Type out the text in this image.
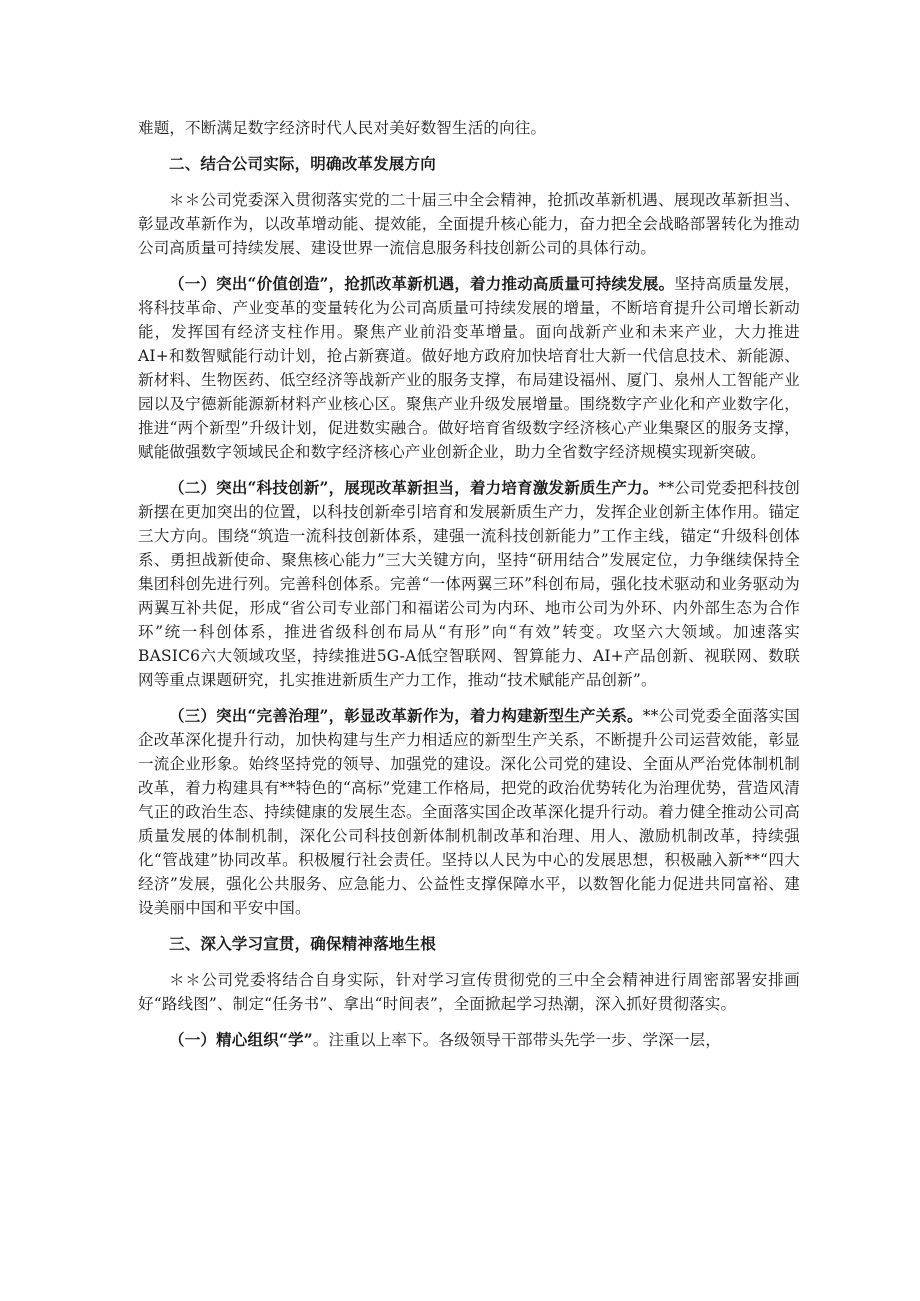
难题，不断满足数字经济时代人民对美好数智生活的向往。

二、结合公司实际，明确改革发展方向

＊＊公司党委深入贯彻落实党的二十届三中全会精神，抢抓改革新机遇、展现改革新担当、彰显改革新作为，以改革增动能、提效能，全面提升核心能力，奋力把全会战略部署转化为推动公司高质量可持续发展、建设世界一流信息服务科技创新公司的具体行动。

（一）突出“价值创造”，抢抓改革新机遇，着力推动高质量可持续发展。坚持高质量发展，将科技革命、产业变革的变量转化为公司高质量可持续发展的增量，不断培育提升公司增长新动能，发挥国有经济支柱作用。聚焦产业前沿变革增量。面向战新产业和未来产业，大力推进AI+和数智赋能行动计划，抢占新赛道。做好地方政府加快培育壮大新一代信息技术、新能源、新材料、生物医药、低空经济等战新产业的服务支撑，布局建设福州、厦门、泉州人工智能产业园以及宁德新能源新材料产业核心区。聚焦产业升级发展增量。围绕数字产业化和产业数字化，推进“两个新型”升级计划，促进数实融合。做好培育省级数字经济核心产业集聚区的服务支撑，赋能做强数字领域民企和数字经济核心产业创新企业，助力全省数字经济规模实现新突破。

（二）突出“科技创新”，展现改革新担当，着力培育激发新质生产力。**公司党委把科技创新摆在更加突出的位置，以科技创新牵引培育和发展新质生产力，发挥企业创新主体作用。锚定三大方向。围绕“筑造一流科技创新体系，建强一流科技创新能力”工作主线，锚定“升级科创体系、勇担战新使命、聚焦核心能力”三大关键方向，坚持“研用结合”发展定位，力争继续保持全集团科创先进行列。完善科创体系。完善“一体两翼三环”科创布局，强化技术驱动和业务驱动为两翼互补共促，形成“省公司专业部门和福诺公司为内环、地市公司为外环、内外部生态为合作环”统一科创体系，推进省级科创布局从“有形”向“有效”转变。攻坚六大领域。加速落实BASIC6六大领域攻坚，持续推进5G-A低空智联网、智算能力、AI+产品创新、视联网、数联网等重点课题研究，扎实推进新质生产力工作，推动“技术赋能产品创新”。

（三）突出“完善治理”，彰显改革新作为，着力构建新型生产关系。**公司党委全面落实国企改革深化提升行动，加快构建与生产力相适应的新型生产关系，不断提升公司运营效能，彰显一流企业形象。始终坚持党的领导、加强党的建设。深化公司党的建设、全面从严治党体制机制改革，着力构建具有**特色的“高标”党建工作格局，把党的政治优势转化为治理优势，营造风清气正的政治生态、持续健康的发展生态。全面落实国企改革深化提升行动。着力健全推动公司高质量发展的体制机制，深化公司科技创新体制机制改革和治理、用人、激励机制改革，持续强化“管战建”协同改革。积极履行社会责任。坚持以人民为中心的发展思想，积极融入新**“四大经济”发展，强化公共服务、应急能力、公益性支撑保障水平，以数智化能力促进共同富裕、建设美丽中国和平安中国。

三、深入学习宣贯，确保精神落地生根

＊＊公司党委将结合自身实际，针对学习宣传贯彻党的三中全会精神进行周密部署安排画好“路线图”、制定“任务书”、拿出“时间表”，全面掀起学习热潮，深入抓好贯彻落实。

（一）精心组织“学”。注重以上率下。各级领导干部带头先学一步、学深一层，
